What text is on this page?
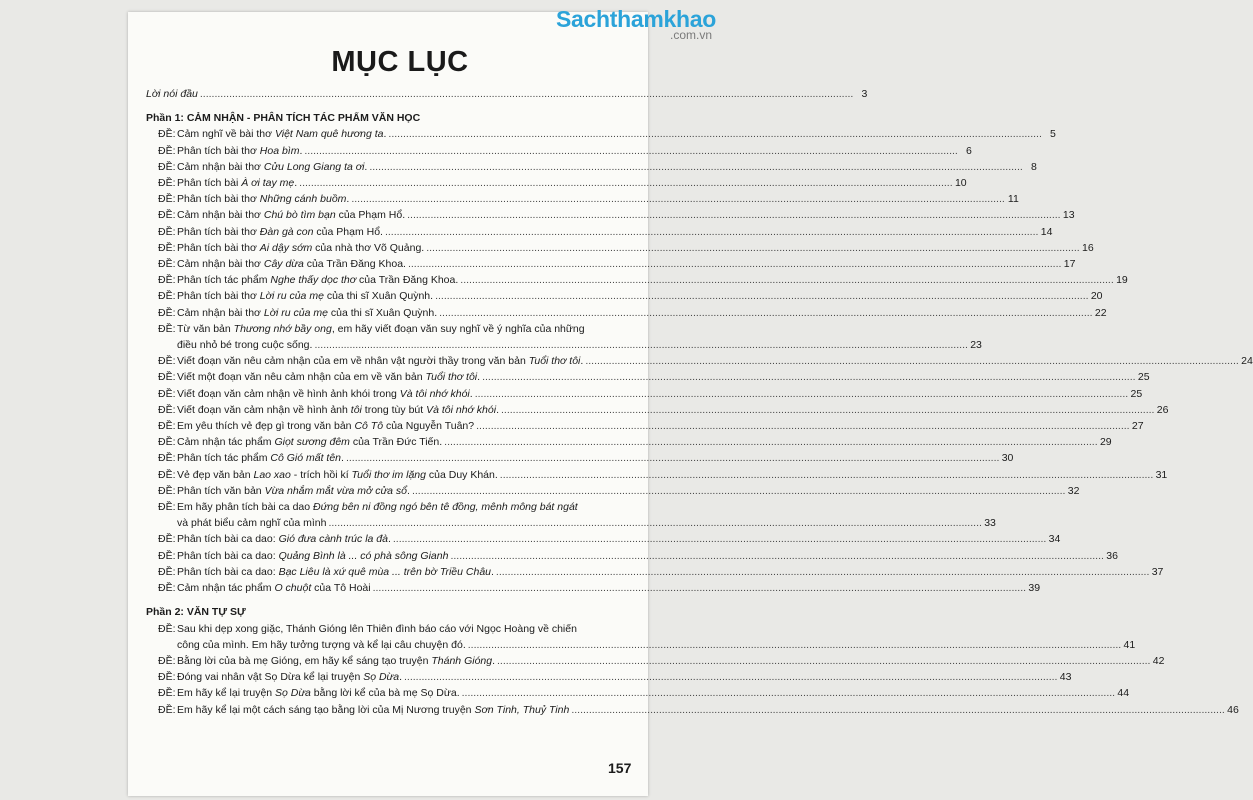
Sachthamkhao
.com.vn
MỤC LỤC
Lời nói đầu .....	3
Phần 1: CẢM NHẬN - PHÂN TÍCH TÁC PHẨM VĂN HỌC
ĐỀ: Cảm nghĩ về bài thơ Việt Nam quê hương ta. .....	5
ĐỀ: Phân tích bài thơ Hoa bìm. .....	6
ĐỀ: Cảm nhận bài thơ Cửu Long Giang ta ơi. .....	8
ĐỀ: Phân tích bài À ơi tay mẹ. .....	10
ĐỀ: Phân tích bài thơ Những cánh buồm. .....	11
ĐỀ: Cảm nhận bài thơ Chú bò tìm bạn của Phạm Hổ. .....	13
ĐỀ: Phân tích bài thơ Đàn gà con của Phạm Hổ. .....	14
ĐỀ: Phân tích bài thơ Ai dậy sớm của nhà thơ Võ Quảng. .....	16
ĐỀ: Cảm nhận bài thơ Cây dừa của Trần Đăng Khoa. .....	17
ĐỀ: Phân tích tác phẩm Nghe thấy dọc thơ của Trần Đăng Khoa. .....	19
ĐỀ: Phân tích bài thơ Lời ru của mẹ của thi sĩ Xuân Quỳnh. .....	20
ĐỀ: Cảm nhận bài thơ Lời ru của mẹ của thi sĩ Xuân Quỳnh. .....	22
ĐỀ: Từ văn bản Thương nhớ bầy ong, em hãy viết đoạn văn suy nghĩ về ý nghĩa của những
điều nhỏ bé trong cuộc sống. .....	23
ĐỀ: Viết đoạn văn nêu cảm nhận của em về nhân vật người thầy trong văn bản Tuổi thơ tôi. .....	24
ĐỀ: Viết một đoạn văn nêu cảm nhận của em về văn bản Tuổi thơ tôi. .....	25
ĐỀ: Viết đoạn văn cảm nhận về hình ảnh khói trong Và tôi nhớ khói. .....	25
ĐỀ: Viết đoạn văn cảm nhận về hình ảnh tôi trong tùy bút Và tôi nhớ khói. .....	26
ĐỀ: Em yêu thích vẻ đẹp gì trong văn bản Cô Tô của Nguyễn Tuân? .....	27
ĐỀ: Cảm nhận tác phẩm Giọt sương đêm của Trần Đức Tiến. .....	29
ĐỀ: Phân tích tác phẩm Cô Gió mất tên. .....	30
ĐỀ: Vẻ đẹp văn bản Lao xao - trích hồi kí Tuổi thơ im lặng của Duy Khán. .....	31
ĐỀ: Phân tích văn bản Vừa nhắm mắt vừa mở cửa sổ. .....	32
ĐỀ: Em hãy phân tích bài ca dao Đứng bên ni đồng ngó bên tê đồng, mênh mông bát ngát
và phát biểu cảm nghĩ của mình .....	33
ĐỀ: Phân tích bài ca dao: Gió đưa cành trúc la đà. .....	34
ĐỀ: Phân tích bài ca dao: Quảng Bình là ... có phà sông Gianh .....	36
ĐỀ: Phân tích bài ca dao: Bạc Liêu là xứ quê mùa ... trên bờ Triều Châu. .....	37
ĐỀ: Cảm nhận tác phẩm O chuột của Tô Hoài .....	39
Phần 2: VĂN TỰ SỰ
ĐỀ: Sau khi dẹp xong giặc, Thánh Gióng lên Thiên đình báo cáo với Ngọc Hoàng về chiến
công của mình. Em hãy tưởng tượng và kể lại câu chuyện đó. .....	41
ĐỀ: Bằng lời của bà mẹ Gióng, em hãy kể sáng tạo truyện Thánh Gióng. .....	42
ĐỀ: Đóng vai nhân vật Sọ Dừa kể lại truyện Sọ Dừa. .....	43
ĐỀ: Em hãy kể lại truyện Sọ Dừa bằng lời kể của bà mẹ Sọ Dừa. .....	44
ĐỀ: Em hãy kể lại một cách sáng tạo bằng lời của Mị Nương truyện Sơn Tinh, Thuỷ Tinh .....	46
157
